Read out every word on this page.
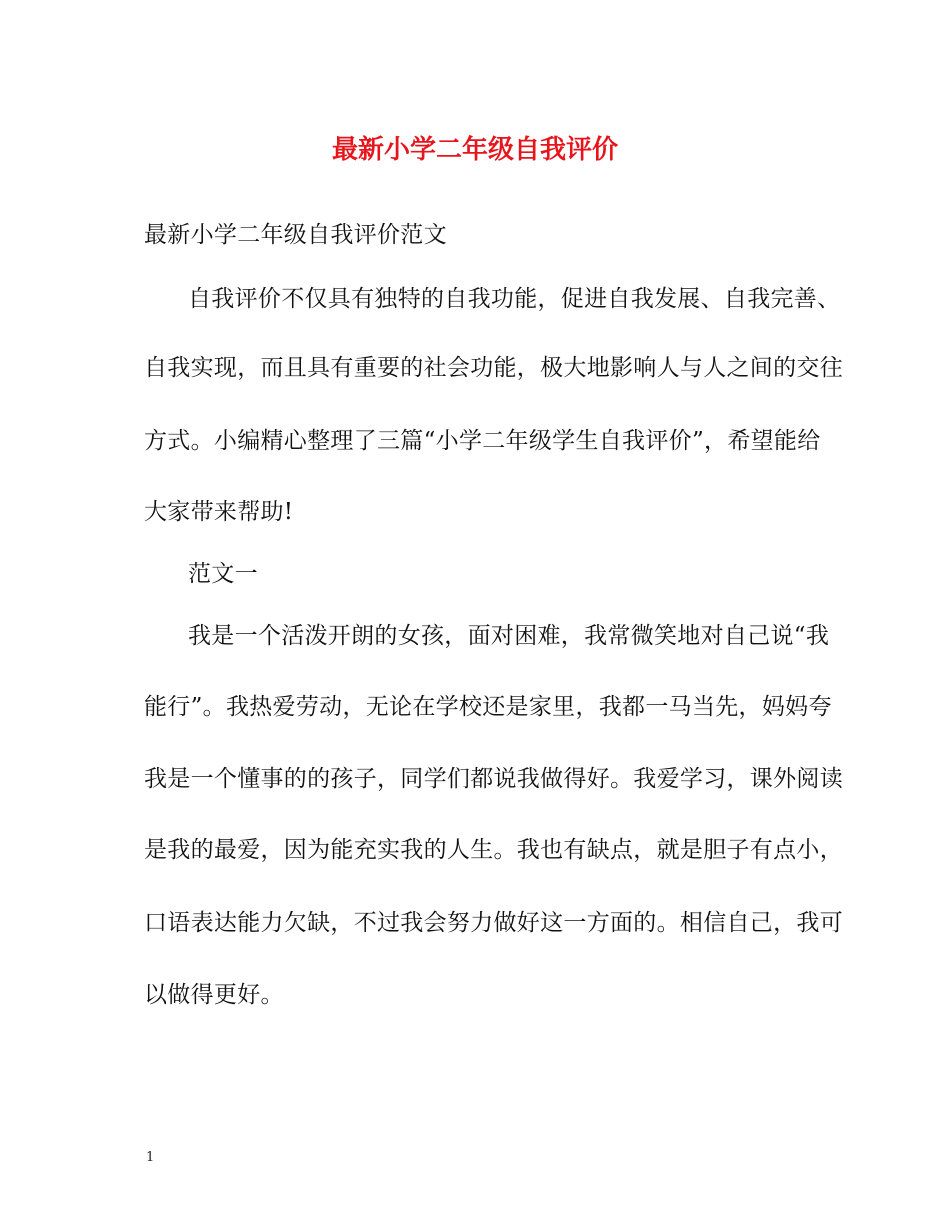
最新小学二年级自我评价
最新小学二年级自我评价范文
自我评价不仅具有独特的自我功能，促进自我发展、自我完善、
自我实现，而且具有重要的社会功能，极大地影响人与人之间的交往
方式。小编精心整理了三篇“小学二年级学生自我评价”，希望能给
大家带来帮助!
范文一
我是一个活泼开朗的女孩，面对困难，我常微笑地对自己说“我
能行”。我热爱劳动，无论在学校还是家里，我都一马当先，妈妈夸
我是一个懂事的的孩子，同学们都说我做得好。我爱学习，课外阅读
是我的最爱，因为能充实我的人生。我也有缺点，就是胆子有点小，
口语表达能力欠缺，不过我会努力做好这一方面的。相信自己，我可
以做得更好。
1
